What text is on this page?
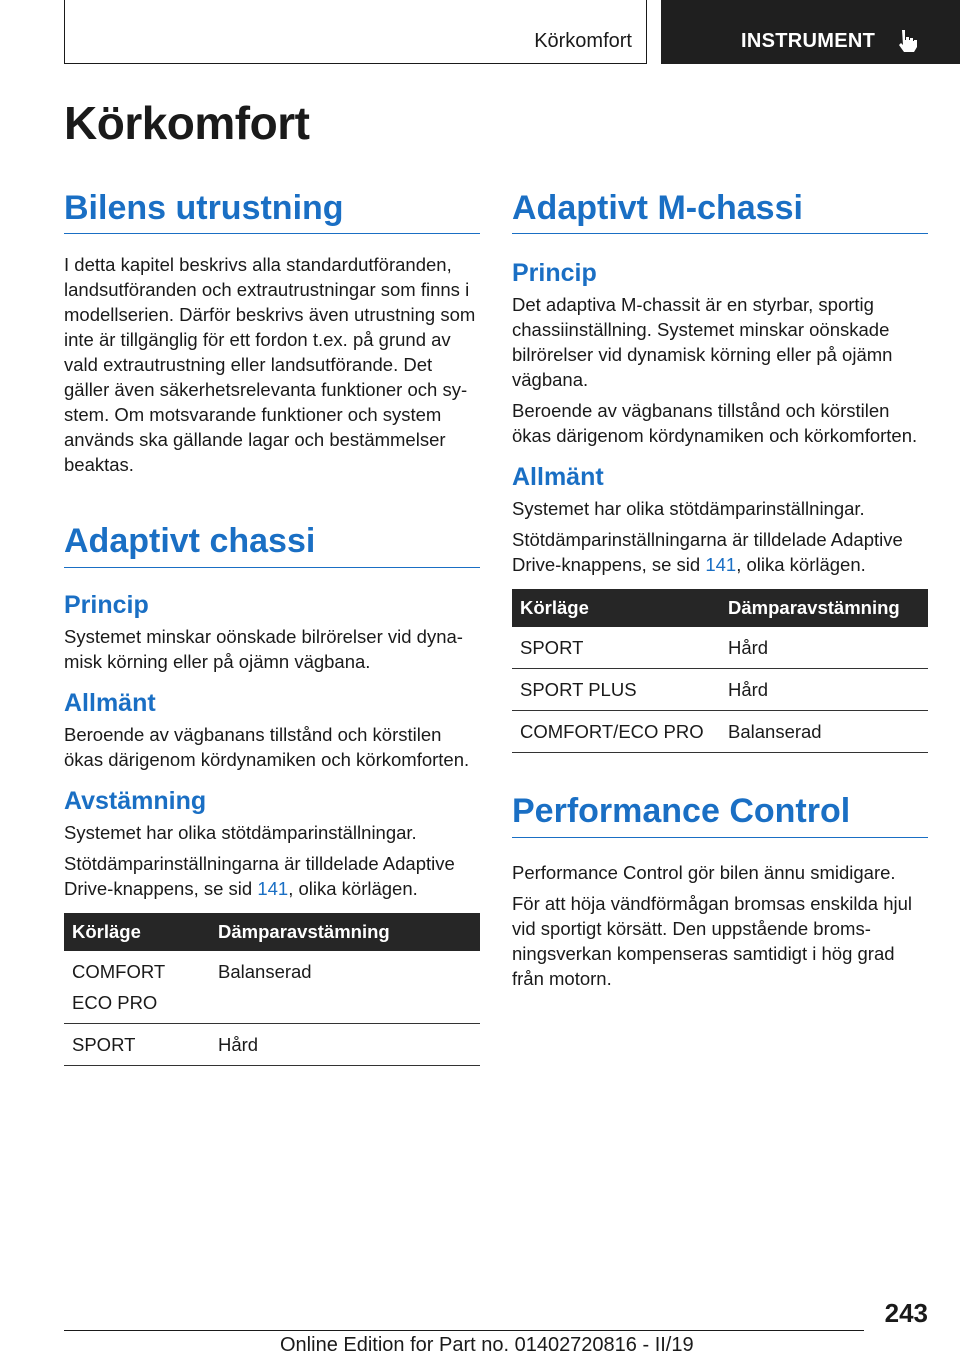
Körkomfort	INSTRUMENT
Körkomfort
Bilens utrustning

I detta kapitel beskrivs alla standardutföranden, landsutföranden och extrautrustningar som finns i modellserien. Därför beskrivs även utrustning som inte är tillgänglig för ett fordon t.ex. på grund av vald extrautrustning eller landsutförande. Det gäller även säkerhetsrelevanta funktioner och system. Om motsvarande funktioner och system används ska gällande lagar och bestämmelser beaktas.

Adaptivt chassi
Princip

Systemet minskar oönskade bilrörelser vid dynamisk körning eller på ojämn vägbana.

Allmänt

Beroende av vägbanans tillstånd och körstilen ökas därigenom kördynamiken och körkomforten.

Avstämning

Systemet har olika stötdämparinställningar.

Stötdämparinställningarna är tilldelade Adaptive Drive-knappens, se sid 141, olika körlägen.

Körläge	Dämparavstämning

COMFORT
ECO PRO	Balanserad
SPORT	Hård
Adaptivt M-chassi
Princip

Det adaptiva M-chassit är en styrbar, sportig chassiinställning. Systemet minskar oönskade bilrörelser vid dynamisk körning eller på ojämn vägbana.

Beroende av vägbanans tillstånd och körstilen ökas därigenom kördynamiken och körkomforten.

Allmänt

Systemet har olika stötdämparinställningar.

Stötdämparinställningarna är tilldelade Adaptive Drive-knappens, se sid 141, olika körlägen.

Körläge	Dämparavstämning
SPORT	Hård
SPORT PLUS	Hård
COMFORT/ECO PRO	Balanserad
Performance Control

Performance Control gör bilen ännu smidigare.

För att höja vändförmågan bromsas enskilda hjul vid sportigt körsätt. Den uppstående bromsningsverkan kompenseras samtidigt i hög grad från motorn.

243
Online Edition for Part no. 01402720816 - II/19
